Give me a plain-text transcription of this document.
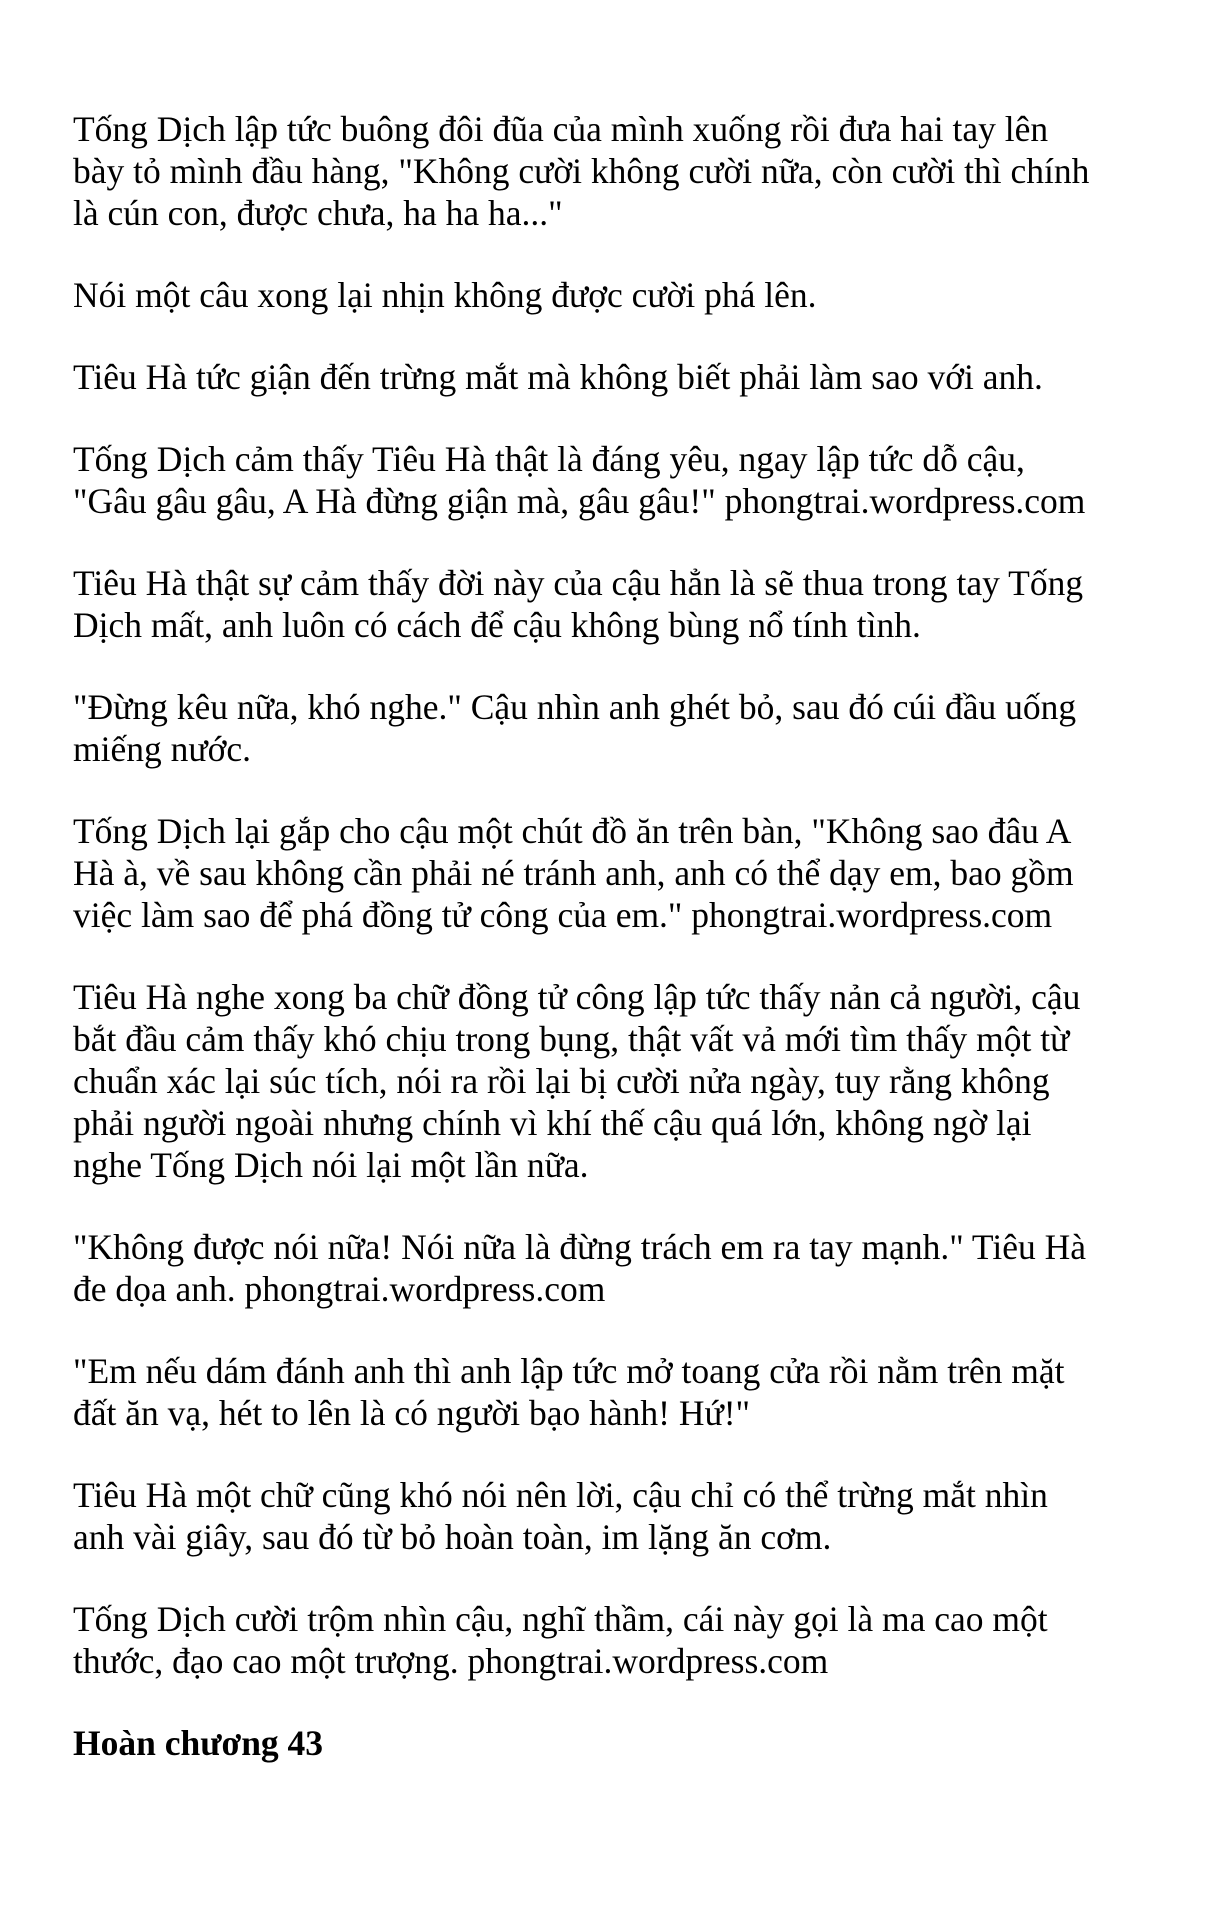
Tống Dịch lập tức buông đôi đũa của mình xuống rồi đưa hai tay lên
bày tỏ mình đầu hàng, "Không cười không cười nữa, còn cười thì chính
là cún con, được chưa, ha ha ha..."

Nói một câu xong lại nhịn không được cười phá lên.

Tiêu Hà tức giận đến trừng mắt mà không biết phải làm sao với anh.

Tống Dịch cảm thấy Tiêu Hà thật là đáng yêu, ngay lập tức dỗ cậu,
"Gâu gâu gâu, A Hà đừng giận mà, gâu gâu!" phongtrai.wordpress.com

Tiêu Hà thật sự cảm thấy đời này của cậu hẳn là sẽ thua trong tay Tống
Dịch mất, anh luôn có cách để cậu không bùng nổ tính tình.

"Đừng kêu nữa, khó nghe." Cậu nhìn anh ghét bỏ, sau đó cúi đầu uống
miếng nước.

Tống Dịch lại gắp cho cậu một chút đồ ăn trên bàn, "Không sao đâu A
Hà à, về sau không cần phải né tránh anh, anh có thể dạy em, bao gồm
việc làm sao để phá đồng tử công của em." phongtrai.wordpress.com

Tiêu Hà nghe xong ba chữ đồng tử công lập tức thấy nản cả người, cậu
bắt đầu cảm thấy khó chịu trong bụng, thật vất vả mới tìm thấy một từ
chuẩn xác lại súc tích, nói ra rồi lại bị cười nửa ngày, tuy rằng không
phải người ngoài nhưng chính vì khí thế cậu quá lớn, không ngờ lại
nghe Tống Dịch nói lại một lần nữa.

"Không được nói nữa! Nói nữa là đừng trách em ra tay mạnh." Tiêu Hà
đe dọa anh. phongtrai.wordpress.com

"Em nếu dám đánh anh thì anh lập tức mở toang cửa rồi nằm trên mặt
đất ăn vạ, hét to lên là có người bạo hành! Hứ!"

Tiêu Hà một chữ cũng khó nói nên lời, cậu chỉ có thể trừng mắt nhìn
anh vài giây, sau đó từ bỏ hoàn toàn, im lặng ăn cơm.

Tống Dịch cười trộm nhìn cậu, nghĩ thầm, cái này gọi là ma cao một
thước, đạo cao một trượng. phongtrai.wordpress.com

Hoàn chương 43
